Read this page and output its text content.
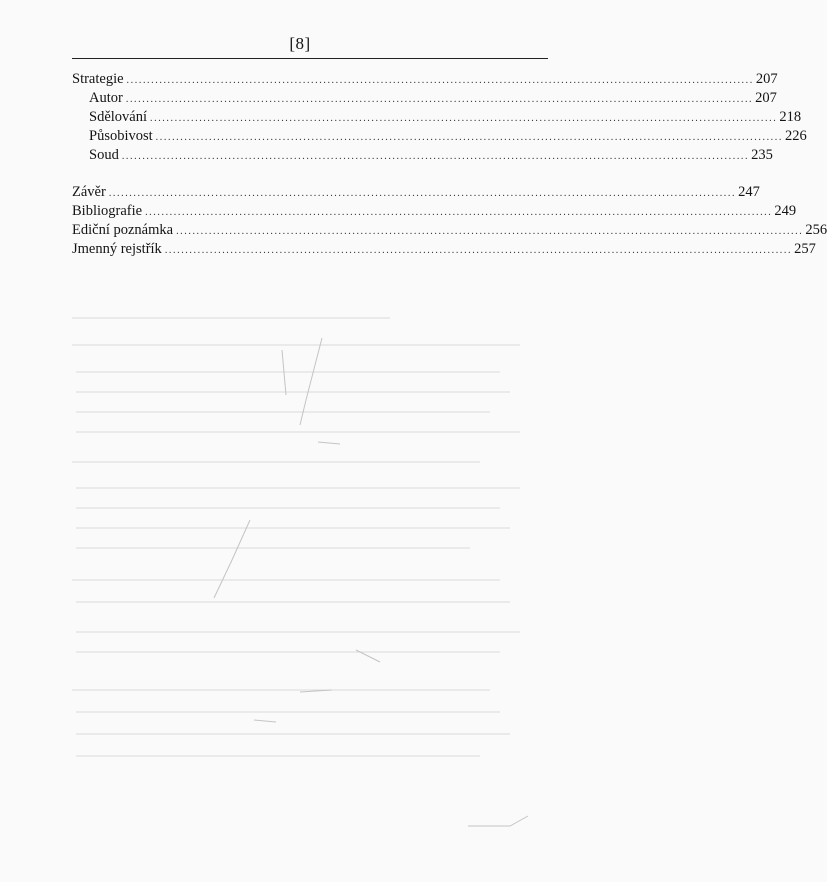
[8]
Strategie ......................................................................................................................................................... 207
Autor ......................................................................................................................................................... 207
Sdělování ......................................................................................................................................................... 218
Působivost ......................................................................................................................................................... 226
Soud ......................................................................................................................................................... 235
Závěr ......................................................................................................................................................... 247
Bibliografie ......................................................................................................................................................... 249
Ediční poznámka ......................................................................................................................................................... 256
Jmenný rejstřík ......................................................................................................................................................... 257
